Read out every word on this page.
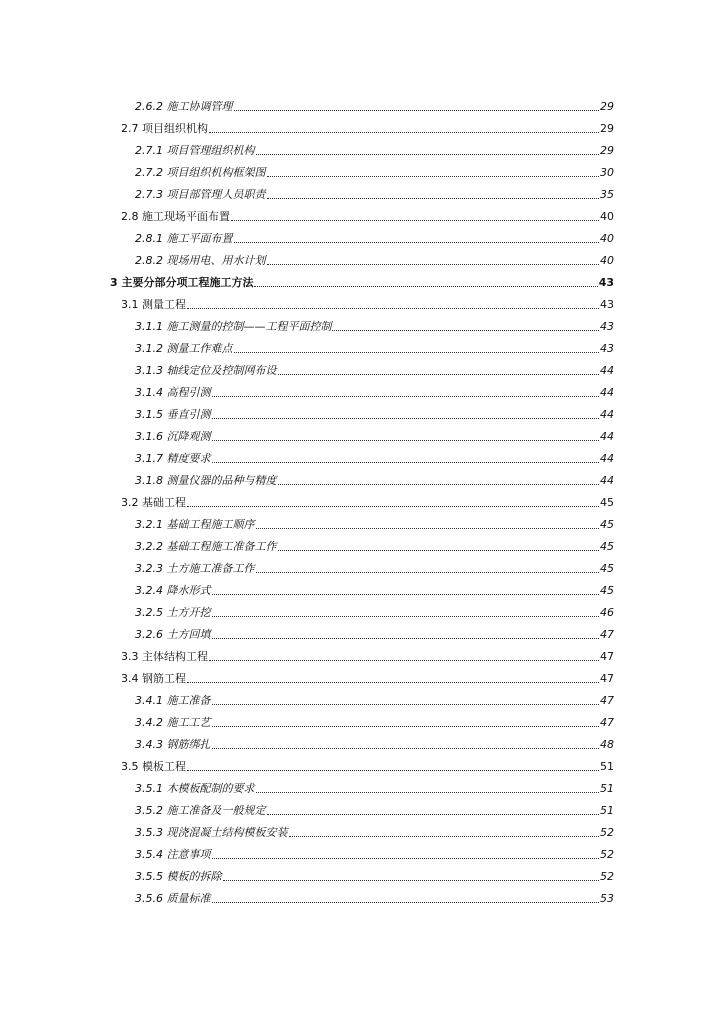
2.6.2 施工协调管理	29
2.7 项目组织机构	29
2.7.1 项目管理组织机构	29
2.7.2 项目组织机构框架图	30
2.7.3 项目部管理人员职责	35
2.8 施工现场平面布置	40
2.8.1 施工平面布置	40
2.8.2 现场用电、用水计划	40
3 主要分部分项工程施工方法	43
3.1 测量工程	43
3.1.1 施工测量的控制——工程平面控制	43
3.1.2 测量工作难点	43
3.1.3 轴线定位及控制网布设	44
3.1.4 高程引测	44
3.1.5 垂直引测	44
3.1.6 沉降观测	44
3.1.7 精度要求	44
3.1.8 测量仪器的品种与精度	44
3.2 基础工程	45
3.2.1 基础工程施工顺序	45
3.2.2 基础工程施工准备工作	45
3.2.3 土方施工准备工作	45
3.2.4 降水形式	45
3.2.5 土方开挖	46
3.2.6 土方回填	47
3.3 主体结构工程	47
3.4 钢筋工程	47
3.4.1 施工准备	47
3.4.2 施工工艺	47
3.4.3 钢筋绑扎	48
3.5 模板工程	51
3.5.1 木模板配制的要求	51
3.5.2 施工准备及一般规定	51
3.5.3 现浇混凝土结构模板安装	52
3.5.4 注意事项	52
3.5.5 模板的拆除	52
3.5.6 质量标准	53
